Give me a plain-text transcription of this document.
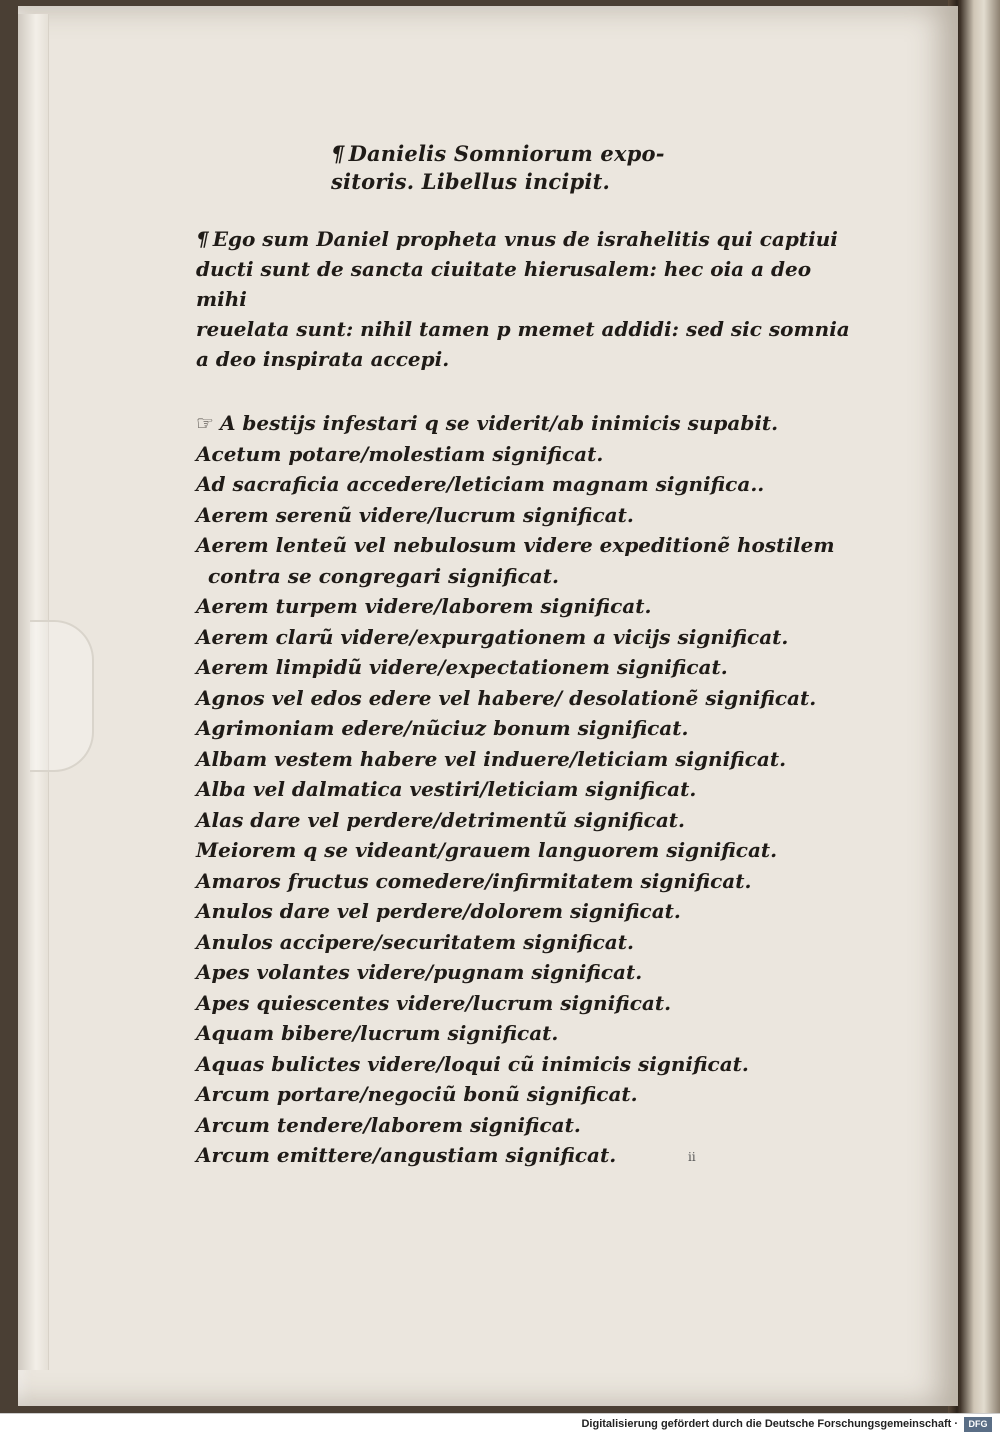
¶ Danielis Somniorum expo-
sitoris. Libellus incipit.
¶ Ego sum Daniel propheta vnus de israhelitis qui captiui
ducti sunt de sancta ciuitate hierusalem: hec oia a deo mihi
reuelata sunt: nihil tamen p memet addidi: sed sic somnia
a deo inspirata accepi.
☞ A bestijs infestari q se viderit/ab inimicis supabit.
Acetum potare/molestiam significat.
Ad sacraficia accedere/leticiam magnam significa..
Aerem serenũ videre/lucrum significat.
Aerem lenteũ vel nebulosum videre expeditionẽ hostilem
contra se congregari significat.
Aerem turpem videre/laborem significat.
Aerem clarũ videre/expurgationem a vicijs significat.
Aerem limpidũ videre/expectationem significat.
Agnos vel edos edere vel habere/ desolationẽ significat.
Agrimoniam edere/nũciuz bonum significat.
Albam vestem habere vel induere/leticiam significat.
Alba vel dalmatica vestiri/leticiam significat.
Alas dare vel perdere/detrimentũ significat.
Meiorem q se videant/grauem languorem significat.
Amaros fructus comedere/infirmitatem significat.
Anulos dare vel perdere/dolorem significat.
Anulos accipere/securitatem significat.
Apes volantes videre/pugnam significat.
Apes quiescentes videre/lucrum significat.
Aquam bibere/lucrum significat.
Aquas bulictes videre/loqui cũ inimicis significat.
Arcum portare/negociũ bonũ significat.
Arcum tendere/laborem significat.
Arcum emittere/angustiam significat.	ⅱ
Digitalisierung gefördert durch die Deutsche Forschungsgemeinschaft ·	DFG
